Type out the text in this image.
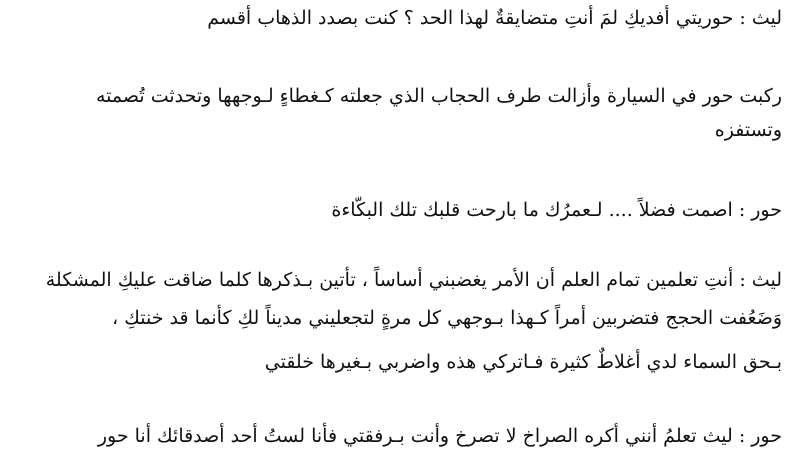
ليث : حوريتي أفديكِ لمَ أنتِ متضايقةٌ لهذا الحد ؟ كنت بصدد الذهاب أقسم
ركبت حور في السيارة وأزالت طرف الحجاب الذي جعلته كـغطاءٍ لـوجهها وتحدثت تُصمته
وتستفزه
حور : اصمت فضلاً .... لـعمرُك ما بارحت قلبك تلك البكّاءة
ليث : أنتِ تعلمين تمام العلم أن الأمر يغضبني أساساً ، تأتين بـذكرها كلما ضاقت عليكِ المشكلة
وَضَعُفت الحجج فتضربين أمراً كـهذا بـوجهي كل مرةٍ لتجعليني مديناً لكِ كأنما قد خنتكِ ،
بـحق السماء لدي أغلاطٌ كثيرة فـاتركي هذه واضربي بـغيرها خلقتي
حور : ليث تعلمُ أنني أكره الصراخ لا تصرخ وأنت بـرفقتي فأنا لستُ أحد أصدقائك أنا حور
